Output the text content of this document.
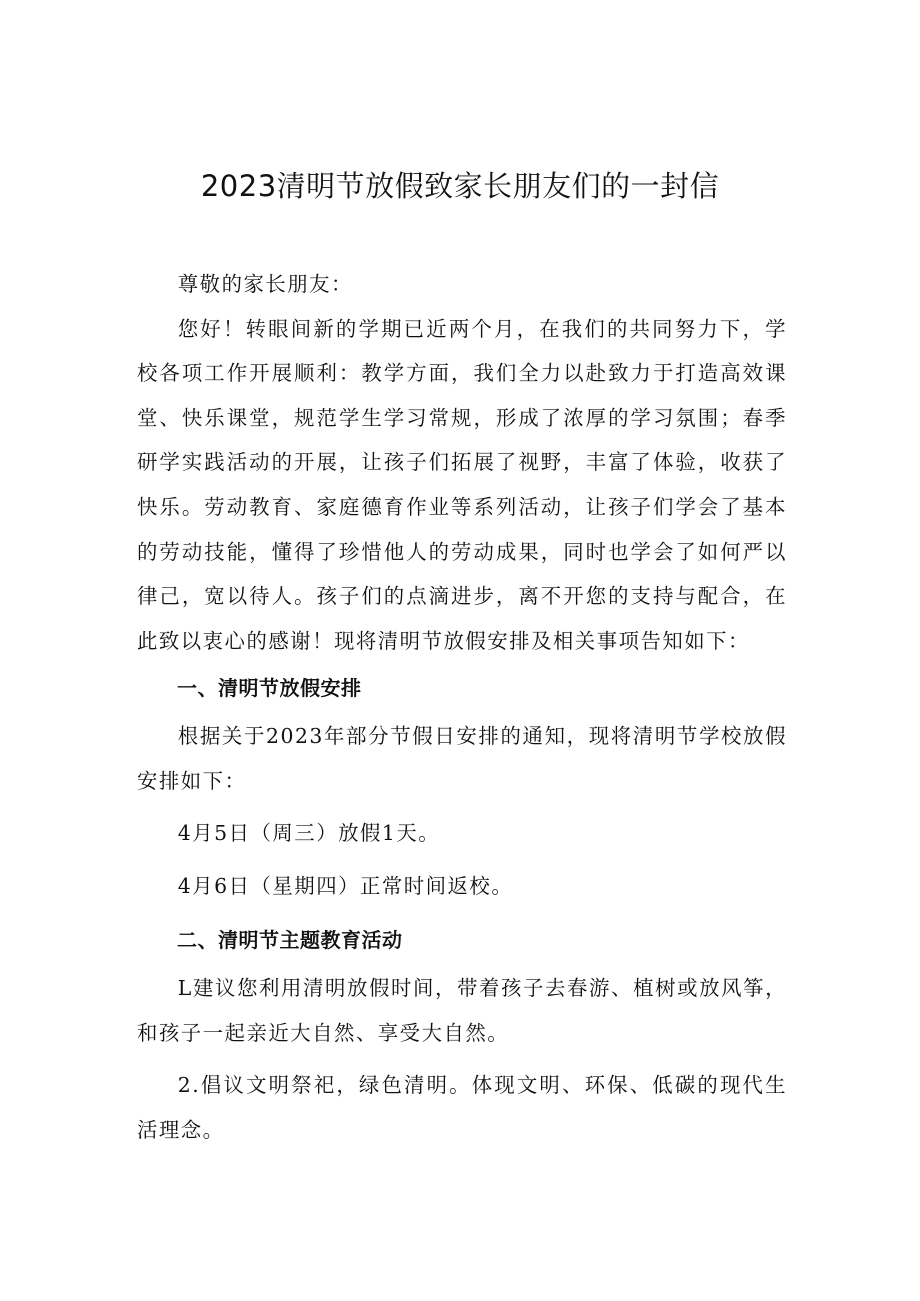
2023清明节放假致家长朋友们的一封信

尊敬的家长朋友：

您好！转眼间新的学期已近两个月，在我们的共同努力下，学校各项工作开展顺利：教学方面，我们全力以赴致力于打造高效课堂、快乐课堂，规范学生学习常规，形成了浓厚的学习氛围；春季研学实践活动的开展，让孩子们拓展了视野，丰富了体验，收获了快乐。劳动教育、家庭德育作业等系列活动，让孩子们学会了基本的劳动技能，懂得了珍惜他人的劳动成果，同时也学会了如何严以律己，宽以待人。孩子们的点滴进步，离不开您的支持与配合，在此致以衷心的感谢！现将清明节放假安排及相关事项告知如下：

一、清明节放假安排

根据关于2023年部分节假日安排的通知，现将清明节学校放假安排如下：

4月5日（周三）放假1天。

4月6日（星期四）正常时间返校。

二、清明节主题教育活动

L建议您利用清明放假时间，带着孩子去春游、植树或放风筝，和孩子一起亲近大自然、享受大自然。

2.倡议文明祭祀，绿色清明。体现文明、环保、低碳的现代生活理念。
